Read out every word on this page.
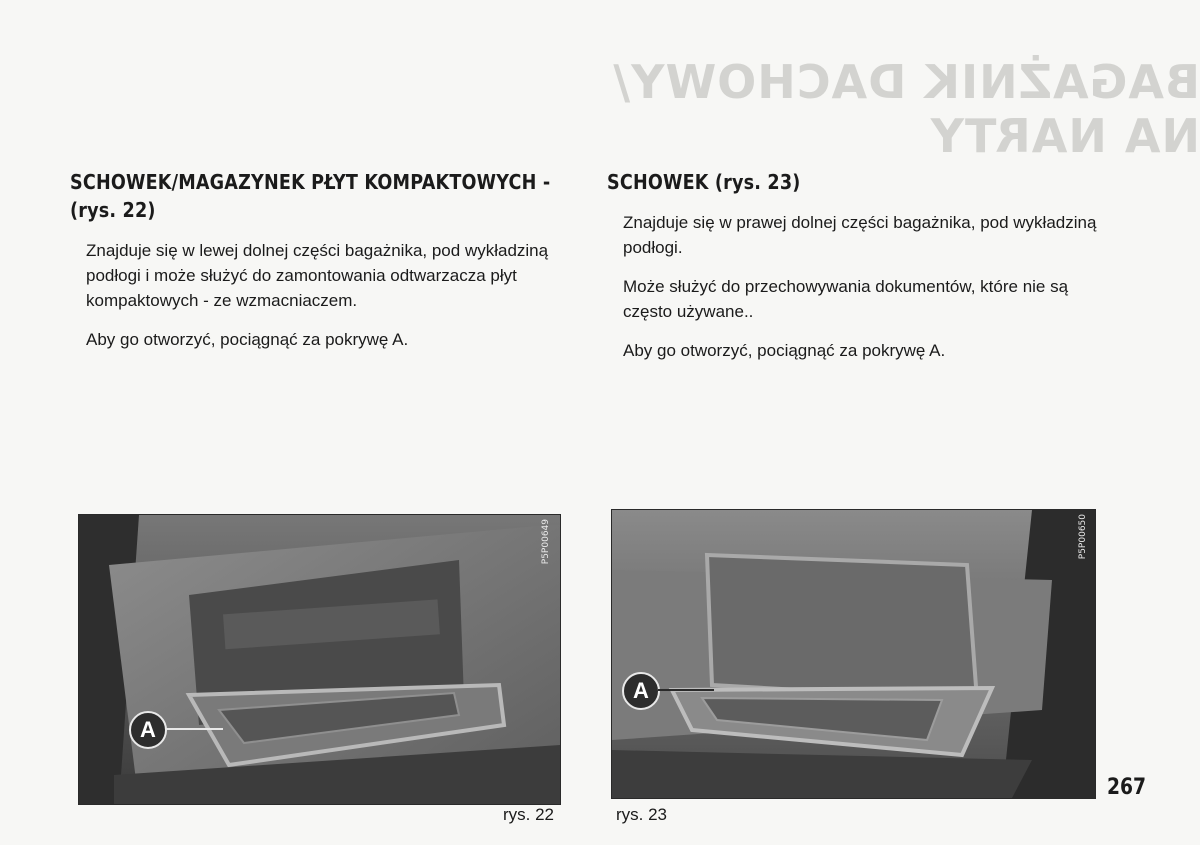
BAGAŻNIK DACHOWY/ NA NARTY
SCHOWEK/MAGAZYNEK PŁYT KOMPAKTOWYCH - (rys. 22)

Znajduje się w lewej dolnej części bagażnika, pod wykładziną podłogi i może służyć do zamontowania odtwarzacza płyt kompaktowych - ze wzmacniaczem.

Aby go otworzyć, pociągnąć za pokrywę A.

SCHOWEK (rys. 23)

Znajduje się w prawej dolnej części bagażnika, pod wykładziną podłogi.

Może służyć do przechowywania dokumentów, które nie są często używane..

Aby go otworzyć, pociągnąć za pokrywę A.

P5P00649
A
rys. 22
P5P00650
A
rys. 23
267
